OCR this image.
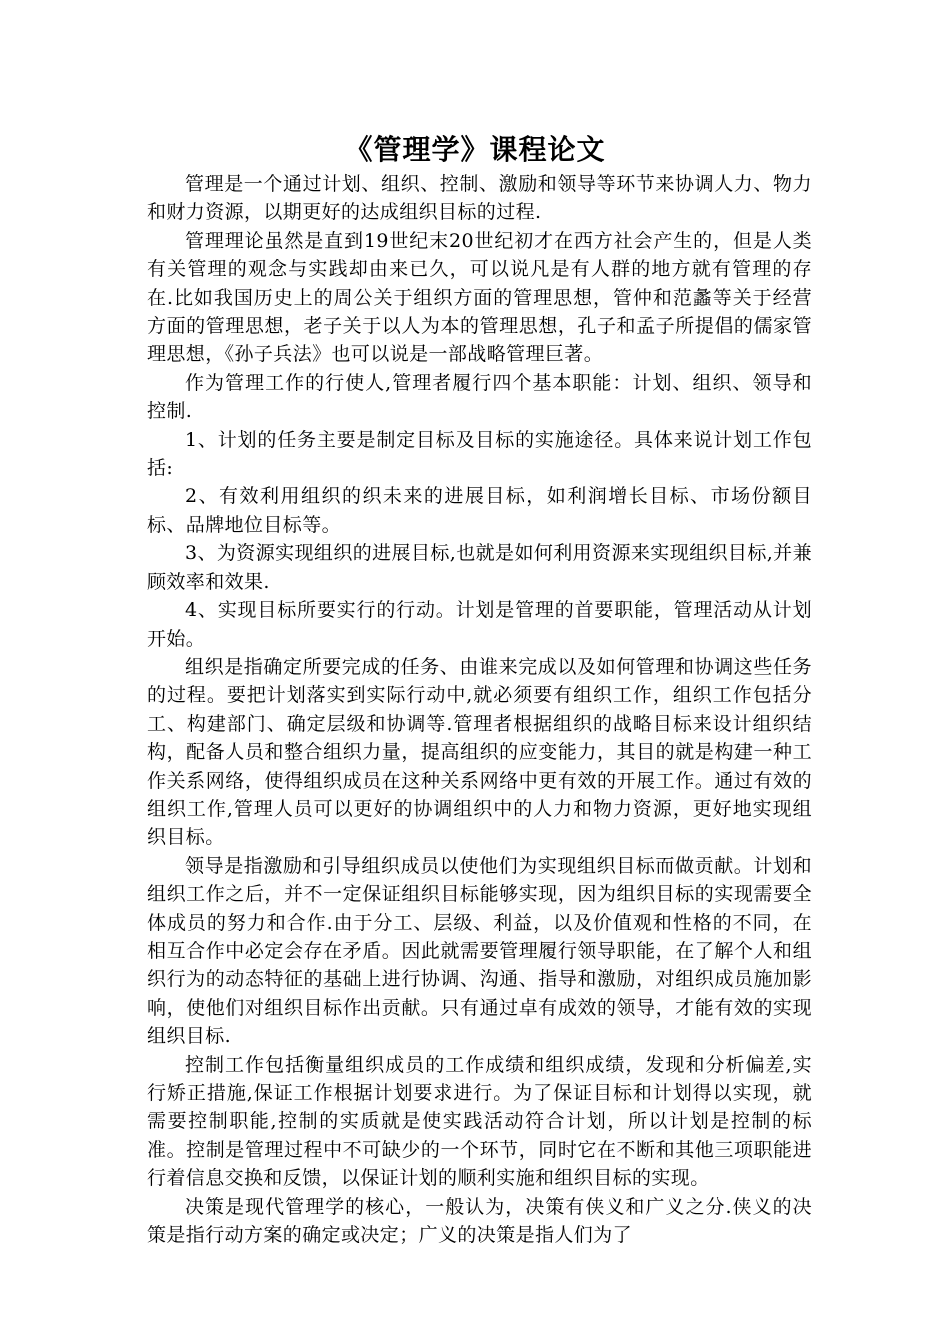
《管理学》课程论文

管理是一个通过计划、组织、控制、激励和领导等环节来协调人力、物力和财力资源，以期更好的达成组织目标的过程.

管理理论虽然是直到19世纪末20世纪初才在西方社会产生的，但是人类有关管理的观念与实践却由来已久，可以说凡是有人群的地方就有管理的存在.比如我国历史上的周公关于组织方面的管理思想，管仲和范蠡等关于经营方面的管理思想，老子关于以人为本的管理思想，孔子和孟子所提倡的儒家管理思想，《孙子兵法》也可以说是一部战略管理巨著。

作为管理工作的行使人,管理者履行四个基本职能：计划、组织、领导和控制.

1、计划的任务主要是制定目标及目标的实施途径。具体来说计划工作包括:

2、有效利用组织的织未来的进展目标，如利润增长目标、市场份额目标、品牌地位目标等。

3、为资源实现组织的进展目标,也就是如何利用资源来实现组织目标,并兼顾效率和效果.

4、实现目标所要实行的行动。计划是管理的首要职能，管理活动从计划开始。

组织是指确定所要完成的任务、由谁来完成以及如何管理和协调这些任务的过程。要把计划落实到实际行动中,就必须要有组织工作，组织工作包括分工、构建部门、确定层级和协调等.管理者根据组织的战略目标来设计组织结构，配备人员和整合组织力量，提高组织的应变能力，其目的就是构建一种工作关系网络，使得组织成员在这种关系网络中更有效的开展工作。通过有效的组织工作,管理人员可以更好的协调组织中的人力和物力资源，更好地实现组织目标。

领导是指激励和引导组织成员以使他们为实现组织目标而做贡献。计划和组织工作之后，并不一定保证组织目标能够实现，因为组织目标的实现需要全体成员的努力和合作.由于分工、层级、利益，以及价值观和性格的不同，在相互合作中必定会存在矛盾。因此就需要管理履行领导职能，在了解个人和组织行为的动态特征的基础上进行协调、沟通、指导和激励，对组织成员施加影响，使他们对组织目标作出贡献。只有通过卓有成效的领导，才能有效的实现组织目标.

控制工作包括衡量组织成员的工作成绩和组织成绩，发现和分析偏差,实行矫正措施,保证工作根据计划要求进行。为了保证目标和计划得以实现，就需要控制职能,控制的实质就是使实践活动符合计划，所以计划是控制的标准。控制是管理过程中不可缺少的一个环节，同时它在不断和其他三项职能进行着信息交换和反馈，以保证计划的顺利实施和组织目标的实现。

决策是现代管理学的核心，一般认为，决策有侠义和广义之分.侠义的决策是指行动方案的确定或决定；广义的决策是指人们为了
